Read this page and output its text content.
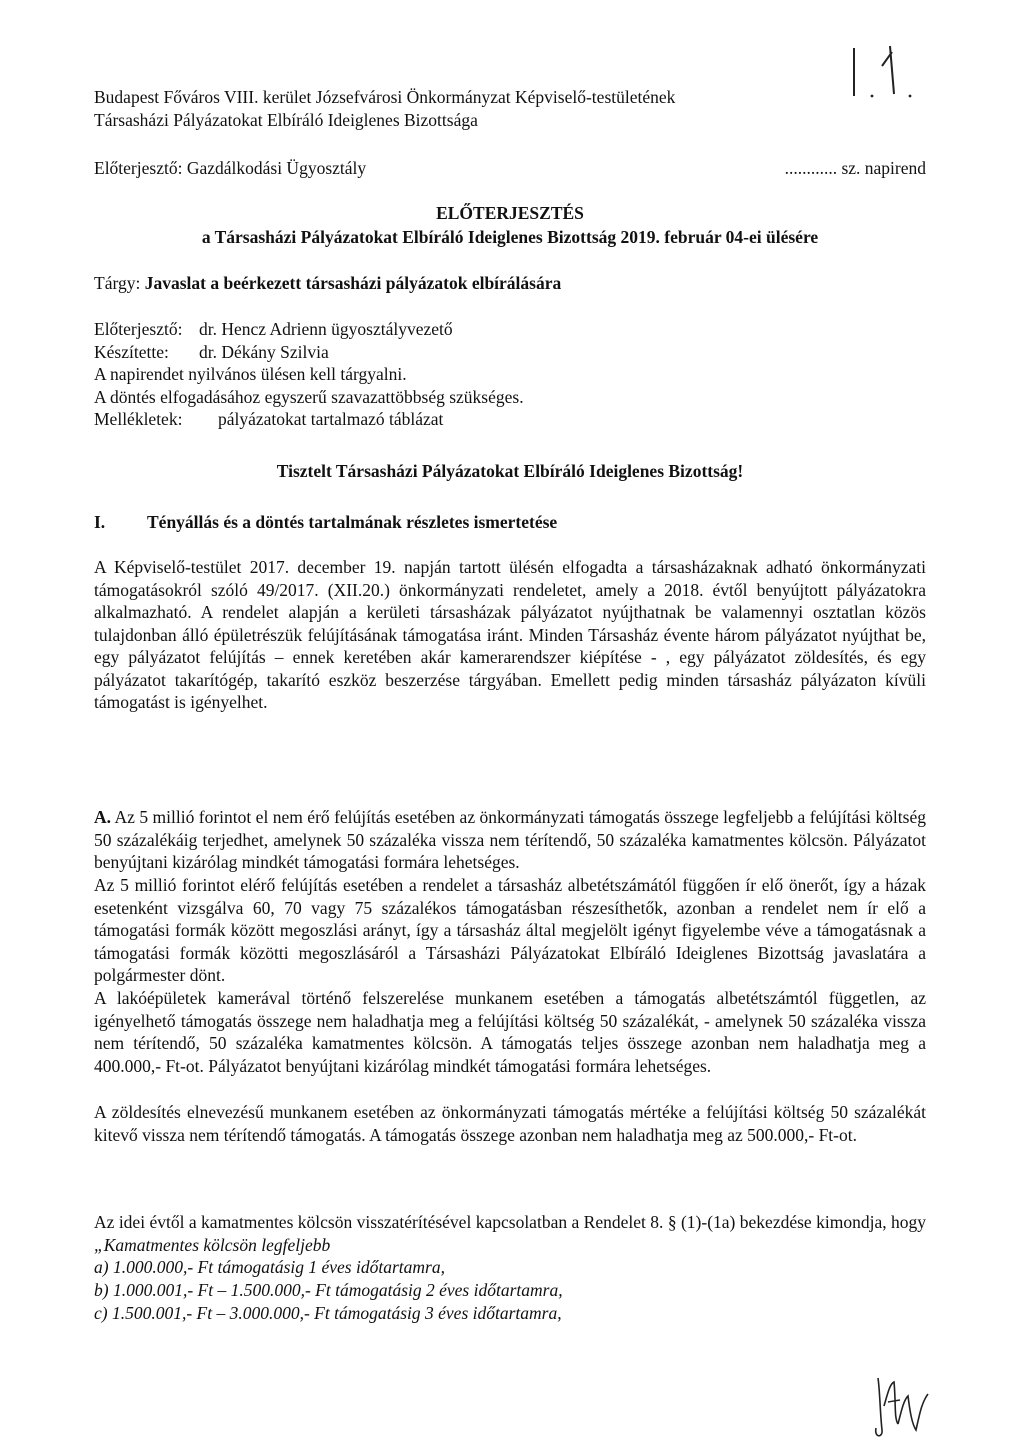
Budapest Főváros VIII. kerület Józsefvárosi Önkormányzat Képviselő-testületének
Társasházi Pályázatokat Elbíráló Ideiglenes Bizottsága
Előterjesztő: Gazdálkodási Ügyosztály	............ sz. napirend
ELŐTERJESZTÉS
a Társasházi Pályázatokat Elbíráló Ideiglenes Bizottság 2019. február 04-ei ülésére
Tárgy: Javaslat a beérkezett társasházi pályázatok elbírálására
Előterjesztő: dr. Hencz Adrienn ügyosztályvezető
Készítette: dr. Dékány Szilvia
A napirendet nyilvános ülésen kell tárgyalni.
A döntés elfogadásához egyszerű szavazattöbbség szükséges.
Mellékletek: pályázatokat tartalmazó táblázat
Tisztelt Társasházi Pályázatokat Elbíráló Ideiglenes Bizottság!
I. Tényállás és a döntés tartalmának részletes ismertetése

A Képviselő-testület 2017. december 19. napján tartott ülésén elfogadta a társasházaknak adható önkormányzati támogatásokról szóló 49/2017. (XII.20.) önkormányzati rendeletet, amely a 2018. évtől benyújtott pályázatokra alkalmazható. A rendelet alapján a kerületi társasházak pályázatot nyújthatnak be valamennyi osztatlan közös tulajdonban álló épületrészük felújításának támogatása iránt. Minden Társasház évente három pályázatot nyújthat be, egy pályázatot felújítás – ennek keretében akár kamerarendszer kiépítése - , egy pályázatot zöldesítés, és egy pályázatot takarítógép, takarító eszköz beszerzése tárgyában. Emellett pedig minden társasház pályázaton kívüli támogatást is igényelhet.

A. Az 5 millió forintot el nem érő felújítás esetében az önkormányzati támogatás összege legfeljebb a felújítási költség 50 százalékáig terjedhet, amelynek 50 százaléka vissza nem térítendő, 50 százaléka kamatmentes kölcsön. Pályázatot benyújtani kizárólag mindkét támogatási formára lehetséges.

Az 5 millió forintot elérő felújítás esetében a rendelet a társasház albetétszámától függően ír elő önerőt, így a házak esetenként vizsgálva 60, 70 vagy 75 százalékos támogatásban részesíthetők, azonban a rendelet nem ír elő a támogatási formák között megoszlási arányt, így a társasház által megjelölt igényt figyelembe véve a támogatásnak a támogatási formák közötti megoszlásáról a Társasházi Pályázatokat Elbíráló Ideiglenes Bizottság javaslatára a polgármester dönt.

A lakóépületek kamerával történő felszerelése munkanem esetében a támogatás albetétszámtól független, az igényelhető támogatás összege nem haladhatja meg a felújítási költség 50 százalékát, - amelynek 50 százaléka vissza nem térítendő, 50 százaléka kamatmentes kölcsön. A támogatás teljes összege azonban nem haladhatja meg a 400.000,- Ft-ot. Pályázatot benyújtani kizárólag mindkét támogatási formára lehetséges.

A zöldesítés elnevezésű munkanem esetében az önkormányzati támogatás mértéke a felújítási költség 50 százalékát kitevő vissza nem térítendő támogatás. A támogatás összege azonban nem haladhatja meg az 500.000,- Ft-ot.

Az idei évtől a kamatmentes kölcsön visszatérítésével kapcsolatban a Rendelet 8. § (1)-(1a) bekezdése kimondja, hogy „Kamatmentes kölcsön legfeljebb

a) 1.000.000,- Ft támogatásig 1 éves időtartamra,
b) 1.000.001,- Ft – 1.500.000,- Ft támogatásig 2 éves időtartamra,
c) 1.500.001,- Ft – 3.000.000,- Ft támogatásig 3 éves időtartamra,
